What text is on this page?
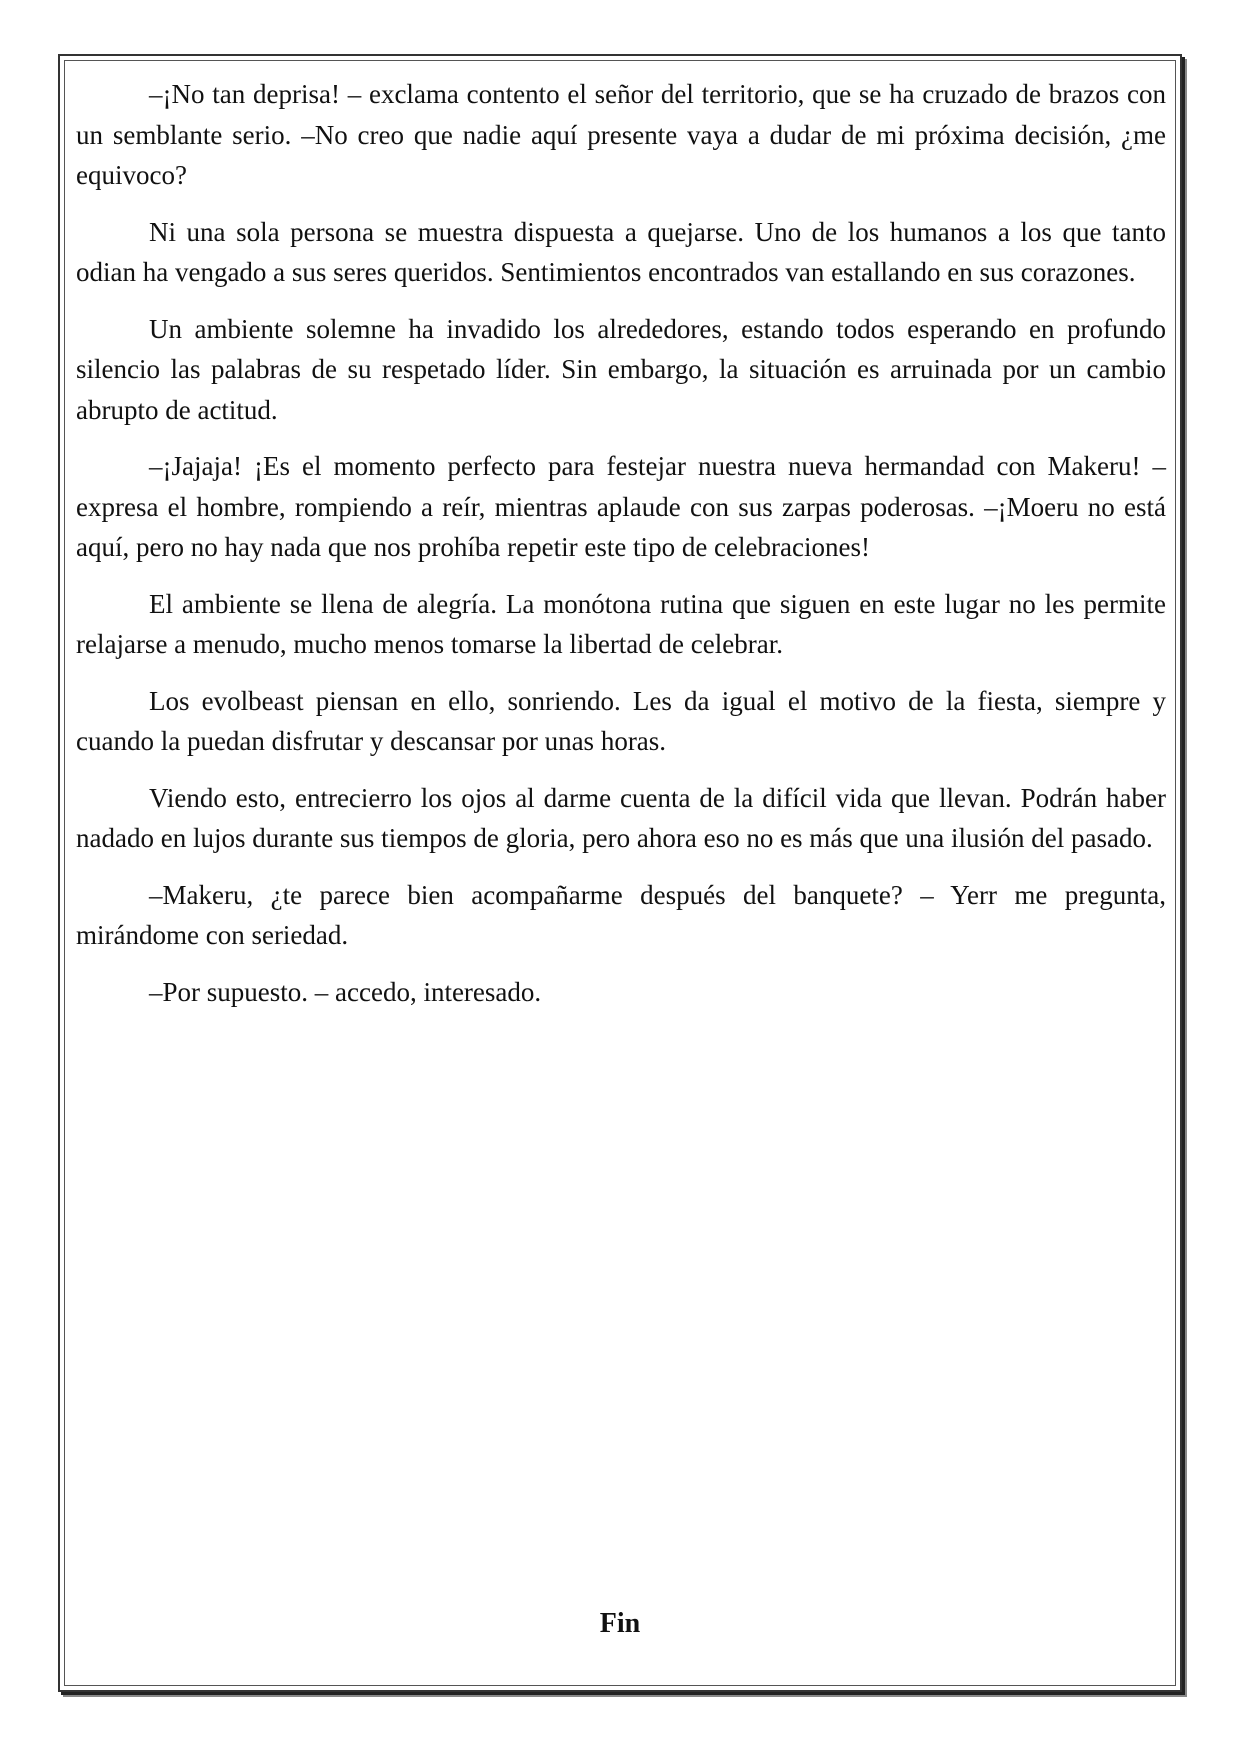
–¡No tan deprisa! – exclama contento el señor del territorio, que se ha cruzado de brazos con un semblante serio. –No creo que nadie aquí presente vaya a dudar de mi próxima decisión, ¿me equivoco?

Ni una sola persona se muestra dispuesta a quejarse. Uno de los humanos a los que tanto odian ha vengado a sus seres queridos. Sentimientos encontrados van estallando en sus corazones.

Un ambiente solemne ha invadido los alrededores, estando todos esperando en profundo silencio las palabras de su respetado líder. Sin embargo, la situación es arruinada por un cambio abrupto de actitud.

–¡Jajaja! ¡Es el momento perfecto para festejar nuestra nueva hermandad con Makeru! – expresa el hombre, rompiendo a reír, mientras aplaude con sus zarpas poderosas. –¡Moeru no está aquí, pero no hay nada que nos prohíba repetir este tipo de celebraciones!

El ambiente se llena de alegría. La monótona rutina que siguen en este lugar no les permite relajarse a menudo, mucho menos tomarse la libertad de celebrar.

Los evolbeast piensan en ello, sonriendo. Les da igual el motivo de la fiesta, siempre y cuando la puedan disfrutar y descansar por unas horas.

Viendo esto, entrecierro los ojos al darme cuenta de la difícil vida que llevan. Podrán haber nadado en lujos durante sus tiempos de gloria, pero ahora eso no es más que una ilusión del pasado.

–Makeru, ¿te parece bien acompañarme después del banquete? – Yerr me pregunta, mirándome con seriedad.

–Por supuesto. – accedo, interesado.

Fin
